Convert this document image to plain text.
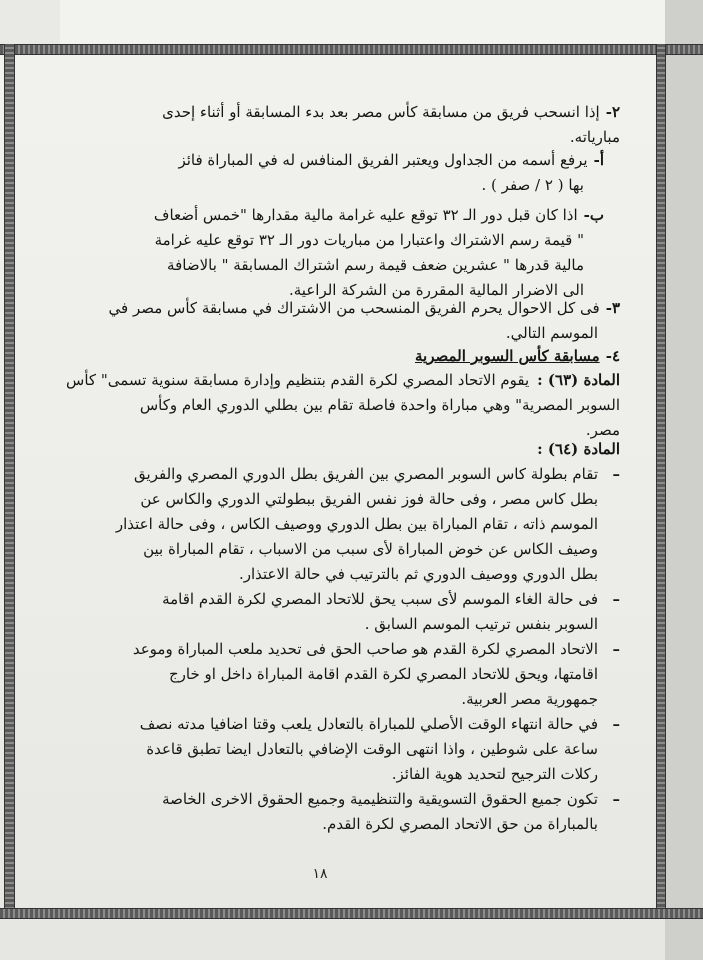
٢-إذا انسحب فريق من مسابقة كأس مصر بعد بدء المسابقة أو أثناء إحدى
مبارياته.
أ-يرفع أسمه من الجداول ويعتبر الفريق المنافس له في المباراة فائز
بها ( ٢ / صفر ) .
ب-اذا كان قبل دور الـ ٣٢ توقع عليه غرامة مالية مقدارها "خمس أضعاف
" قيمة رسم الاشتراك واعتبارا من مباريات دور الـ ٣٢ توقع عليه غرامة
مالية قدرها " عشرين ضعف قيمة رسم اشتراك المسابقة " بالاضافة
الى الاضرار المالية المقررة من الشركة الراعية.
٣-فى كل الاحوال يحرم الفريق المنسحب من الاشتراك في مسابقة كأس مصر في
الموسم التالي.
٤-مسابقة كأس السوبر المصرية
المادة (٦٣) :يقوم الاتحاد المصري لكرة القدم بتنظيم وإدارة مسابقة سنوية تسمى" كأس
السوبر المصرية" وهي مباراة واحدة فاصلة تقام بين بطلي الدوري العام وكأس
مصر.
المادة (٦٤) :
–
تقام بطولة كاس السوبر المصري بين الفريق بطل الدوري المصري والفريق
بطل كاس مصر ، وفى حالة فوز نفس الفريق ببطولتي الدوري والكاس عن
الموسم ذاته ، تقام المباراة بين بطل الدوري ووصيف الكاس ، وفى حالة اعتذار
وصيف الكاس عن خوض المباراة لأى سبب من الاسباب ، تقام المباراة بين
بطل الدوري ووصيف الدوري ثم بالترتيب في حالة الاعتذار.
–
فى حالة الغاء الموسم لأى سبب يحق للاتحاد المصري لكرة القدم اقامة
السوبر بنفس ترتيب الموسم السابق .
–
الاتحاد المصري لكرة القدم هو صاحب الحق فى تحديد ملعب المباراة وموعد
اقامتها، ويحق للاتحاد المصري لكرة القدم اقامة المباراة داخل او خارج
جمهورية مصر العربية.
–
في حالة انتهاء الوقت الأصلي للمباراة بالتعادل يلعب وقتا اضافيا مدته نصف
ساعة على شوطين ، واذا انتهى الوقت الإضافي بالتعادل ايضا تطبق قاعدة
ركلات الترجيح لتحديد هوية الفائز.
–
تكون جميع الحقوق التسويقية والتنظيمية وجميع الحقوق الاخرى الخاصة
بالمباراة من حق الاتحاد المصري لكرة القدم.
١٨
